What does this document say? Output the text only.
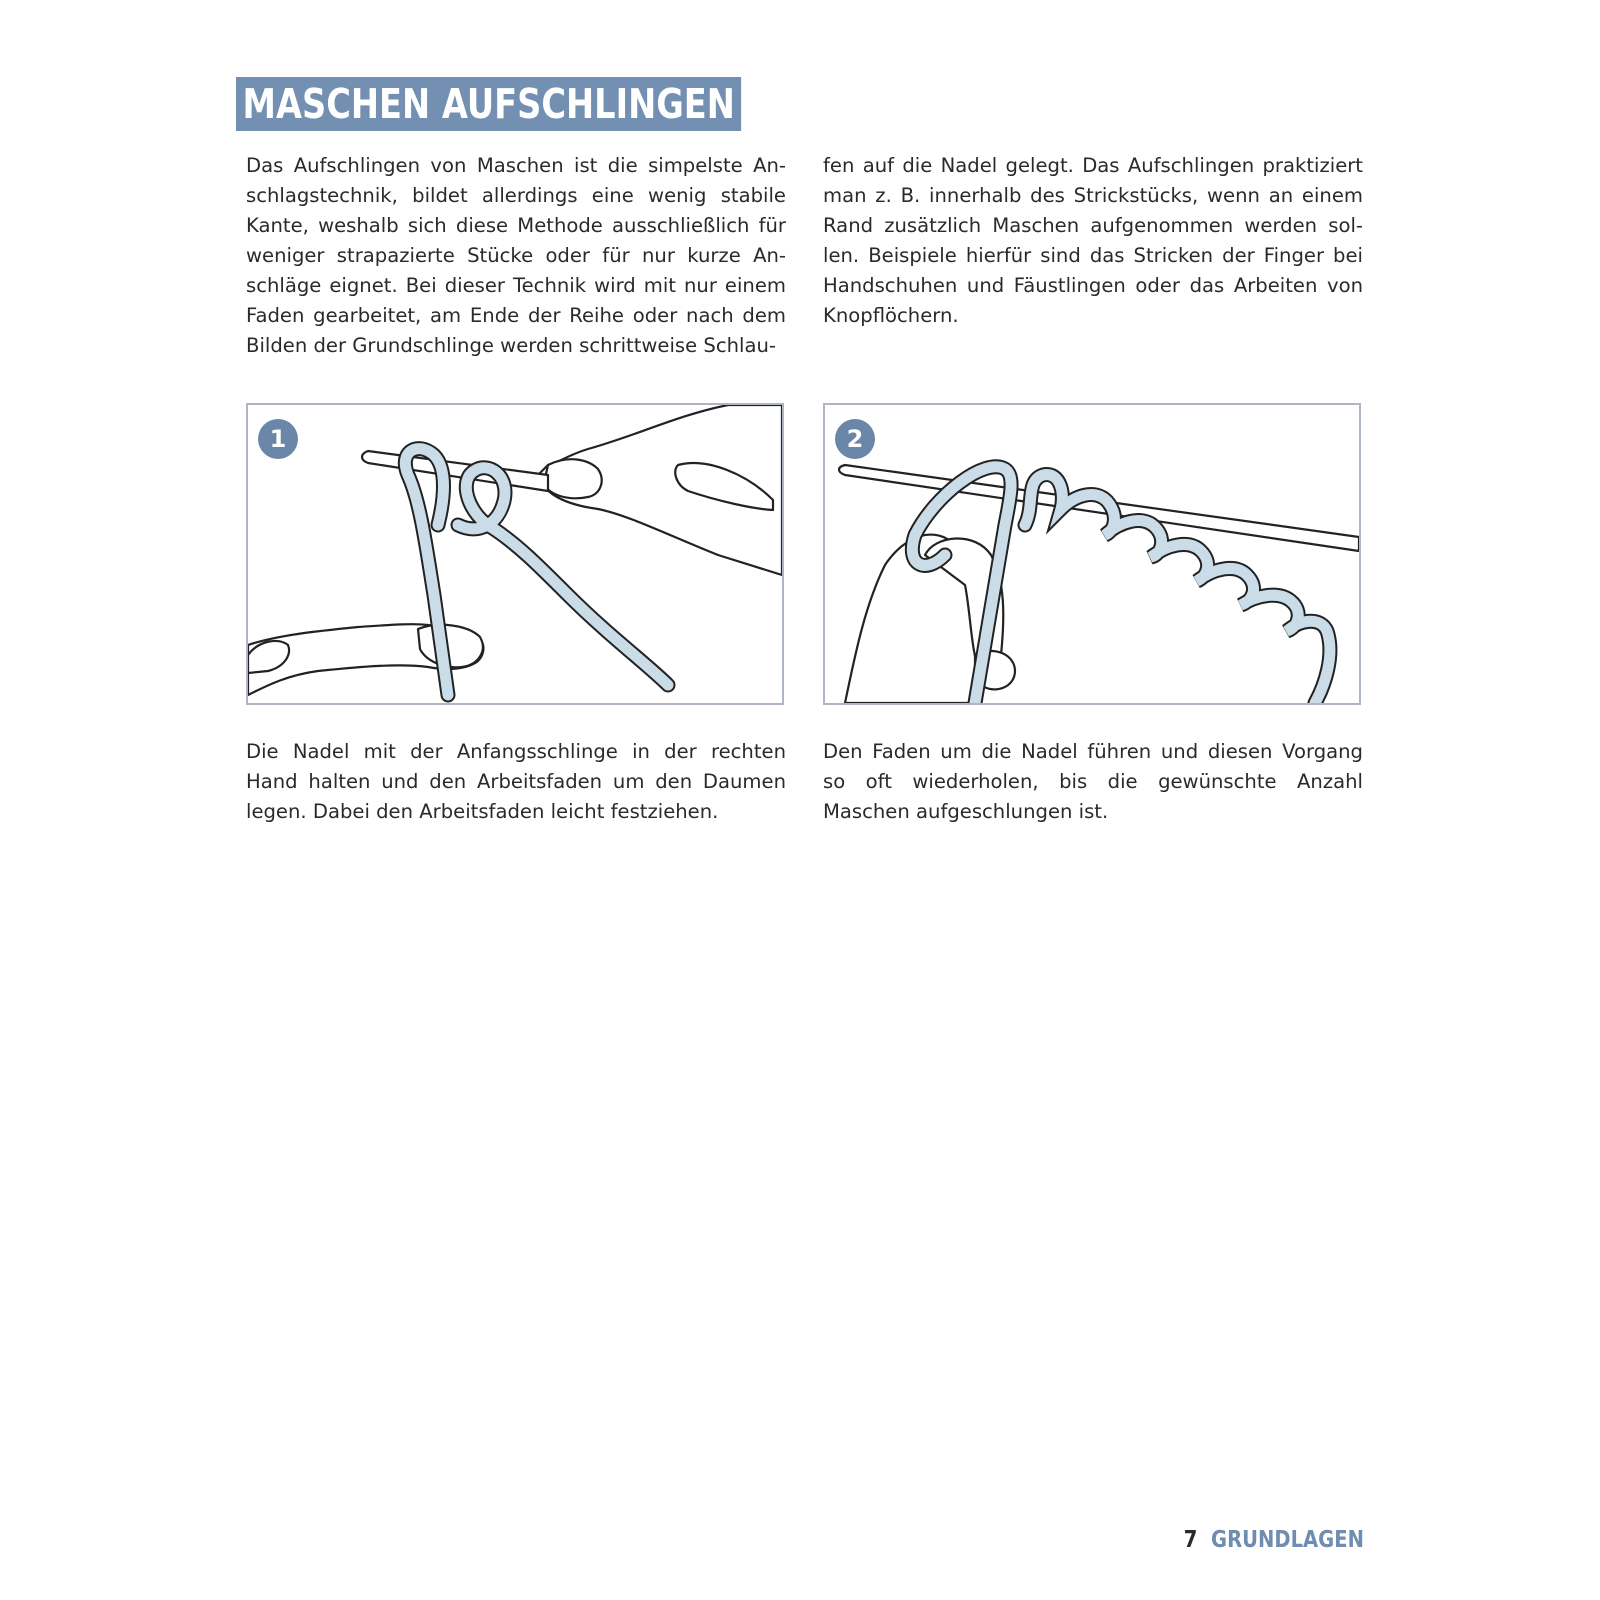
MASCHEN AUFSCHLINGEN

Das Aufschlingen von Maschen ist die simpelste Anschlagstechnik, bildet allerdings eine wenig stabile Kante, weshalb sich diese Methode ausschließlich für weniger strapazierte Stücke oder für nur kurze Anschläge eignet. Bei dieser Technik wird mit nur einem Faden gearbeitet, am Ende der Reihe oder nach dem Bilden der Grundschlinge werden schrittweise Schlau-

fen auf die Nadel gelegt. Das Aufschlingen praktiziert man z. B. innerhalb des Strickstücks, wenn an einem Rand zusätzlich Maschen aufgenommen werden sollen. Beispiele hierfür sind das Stricken der Finger bei Handschuhen und Fäustlingen oder das Arbeiten von Knopflöchern.

1	2

Die Nadel mit der Anfangsschlinge in der rechten Hand halten und den Arbeitsfaden um den Daumen legen. Dabei den Arbeitsfaden leicht festziehen.

Den Faden um die Nadel führen und diesen Vorgang so oft wiederholen, bis die gewünschte Anzahl Maschen aufgeschlungen ist.

7 GRUNDLAGEN
